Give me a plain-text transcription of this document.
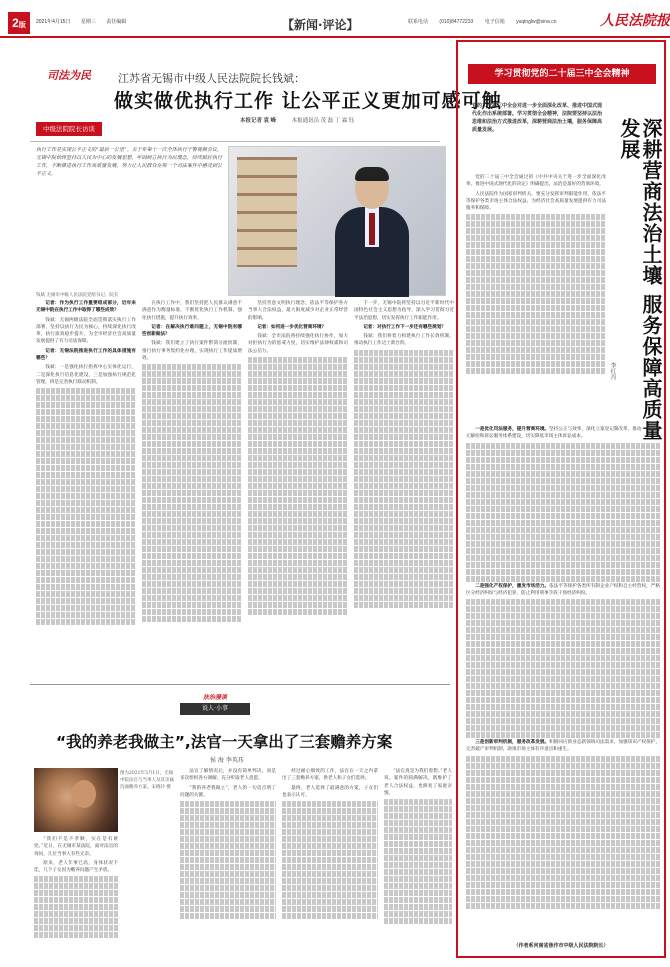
2版	2021年4月15日 星期三 责任编辑	【新闻·评论】	联系电话 (010)84772233 电子信箱 yuqinglw@sina.cn	人民法院报
司法为民
中级法院院长访谈
江苏省无锡市中级人民法院院长钱斌：
做实做优执行工作 让公平正义更加可感可触
本报记者 袁 峰	本报通讯员 茂 磊 丁 霖 钰
执行工作是实现公平正义的“最后一公里”。关于年第十一次全体执行干警视频会议，无锡中院始终坚持以人民为中心的发展思想，牢固树立执行为民理念，持续做好执行工作，不断推进执行工作高质量发展，努力让人民群众在每一个司法案件中感受到公平正义。
钱斌 无锡市中级人民法院党组书记、院长

记者：作为执行工作重要组成部分，近年来无锡中院在执行工作中取得了哪些成效？

钱斌：无锡两级法院全面贯彻落实执行工作部署，坚持以执行为民为核心，持续深化执行改革，执行质效稳步提升，为全市经济社会高质量发展提供了有力司法保障。

记者：无锡法院推进执行工作的具体措施有哪些？

钱斌：一是强化执行指挥中心实体化运行，二是深化执行信息化建设，三是加强执行规范化管理，四是完善执行联动机制。

在执行工作中，我们坚持把人民群众满意不满意作为衡量标准，不断优化执行工作机制，强化执行措施，提升执行效率。

记者：在解决执行难问题上，无锡中院有哪些创新做法？

钱斌：我们建立了执行案件繁简分流机制，推行执行事务集约化办理，实现执行工作提质增效。

坚持善意文明执行理念，依法平等保护各方当事人合法权益，最大限度减少对企业正常经营的影响。

记者：如何进一步优化营商环境？

钱斌：全市法院将持续强化执行协作，加大对拒执行为的惩戒力度，切实维护法律权威和司法公信力。

下一步，无锡中院将坚持以习近平新时代中国特色社会主义思想为指导，深入学习贯彻习近平法治思想，切实发挥执行工作职能作用。

记者：对执行工作下一步还有哪些规划？

钱斌：我们将着力构建执行工作长效机制，推动执行工作迈上新台阶。

法治漫谈
说人·小事
“我的养老我做主”,法官一天拿出了三套赡养方案
侯 海 李英珏
图为2021年3月1日，无锡中院法官与当事人及其亲属沟通赡养方案。宋晓玲 摄

“我们不是不孝顺，实在是有难处。”近日，在无锡市某法院，面对法官的询问，几位当事人有些无奈。

原来，老人年事已高，身体状况不佳，几个子女因为赡养问题产生矛盾。

法官了解情况后，并没有简单判决，而是多次组织各方调解，充分听取老人意愿。

“我的养老我做主”，老人的一句话点明了问题的关键。

经过耐心细致的工作，法官在一天之内拿出了三套赡养方案，供老人和子女们选择。

最终，老人选择了最满意的方案，子女们也表示认可。

“法官真是为我们着想。”老人说。案件的圆满解决，既维护了老人合法权益，也修复了家庭亲情。

学习贯彻党的二十届三中全会精神
党的二十届三中全会对进一步全面深化改革、推进中国式现代化作出系统部署。学习贯彻全会精神，法院要坚持以法治思维和法治方式推进改革，深耕营商法治土壤，服务保障高质量发展。	深耕营商法治土壤 服务保障高质量发展
李红丹

党的二十届三中全会通过的《中共中央关于进一步全面深化改革、推进中国式现代化的决定》明确提出，法治是最好的营商环境。

人民法院作为国家审判机关，要充分发挥审判职能作用，依法平等保护各类市场主体合法权益，为经济社会高质量发展提供有力司法服务和保障。

一是优化司法服务，提升营商环境。坚持公正与效率，深化立案登记制改革，推动一站式多元解纷和诉讼服务体系建设，切实降低市场主体诉讼成本。

二是强化产权保护，激发市场活力。依法平等保护各类所有制企业产权和自主经营权，严格区分经济纠纷与经济犯罪，防止利用刑事手段干预经济纠纷。

三是创新审判机制，服务改革发展。积极回应新业态新领域司法需求，加强知识产权保护，完善破产审判机制，助推市场主体有序退出和重生。

（作者系河南省焦作市中级人民法院院长）
